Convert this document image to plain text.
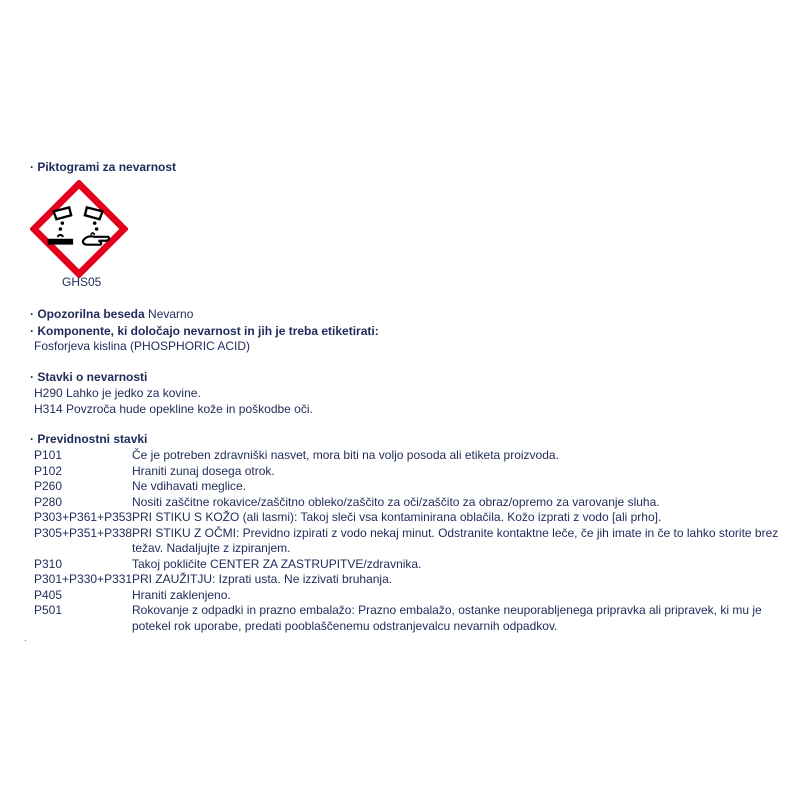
· Piktogrami za nevarnost
GHS05
· Opozorilna beseda Nevarno
· Komponente, ki določajo nevarnost in jih je treba etiketirati:
Fosforjeva kislina (PHOSPHORIC ACID)
· Stavki o nevarnosti
H290 Lahko je jedko za kovine.
H314 Povzroča hude opekline kože in poškodbe oči.
· Previdnostni stavki
P101	Če je potreben zdravniški nasvet, mora biti na voljo posoda ali etiketa proizvoda.
P102	Hraniti zunaj dosega otrok.
P260	Ne vdihavati meglice.
P280	Nositi zaščitne rokavice/zaščitno obleko/zaščito za oči/zaščito za obraz/opremo za varovanje sluha.
P303+P361+P353 PRI STIKU S KOŽO (ali lasmi): Takoj sleči vsa kontaminirana oblačila. Kožo izprati z vodo [ali prho].
P305+P351+P338 PRI STIKU Z OČMI: Previdno izpirati z vodo nekaj minut. Odstranite kontaktne leče, če jih imate in če to lahko storite brez težav. Nadaljujte z izpiranjem.
P310	Takoj pokličite CENTER ZA ZASTRUPITVE/zdravnika.
P301+P330+P331 PRI ZAUŽITJU: Izprati usta. Ne izzivati bruhanja.
P405	Hraniti zaklenjeno.
P501	Rokovanje z odpadki in prazno embalažo: Prazno embalažo, ostanke neuporabljenega pripravka ali pripravek, ki mu je potekel rok uporabe, predati pooblaščenemu odstranjevalcu nevarnih odpadkov.
·
